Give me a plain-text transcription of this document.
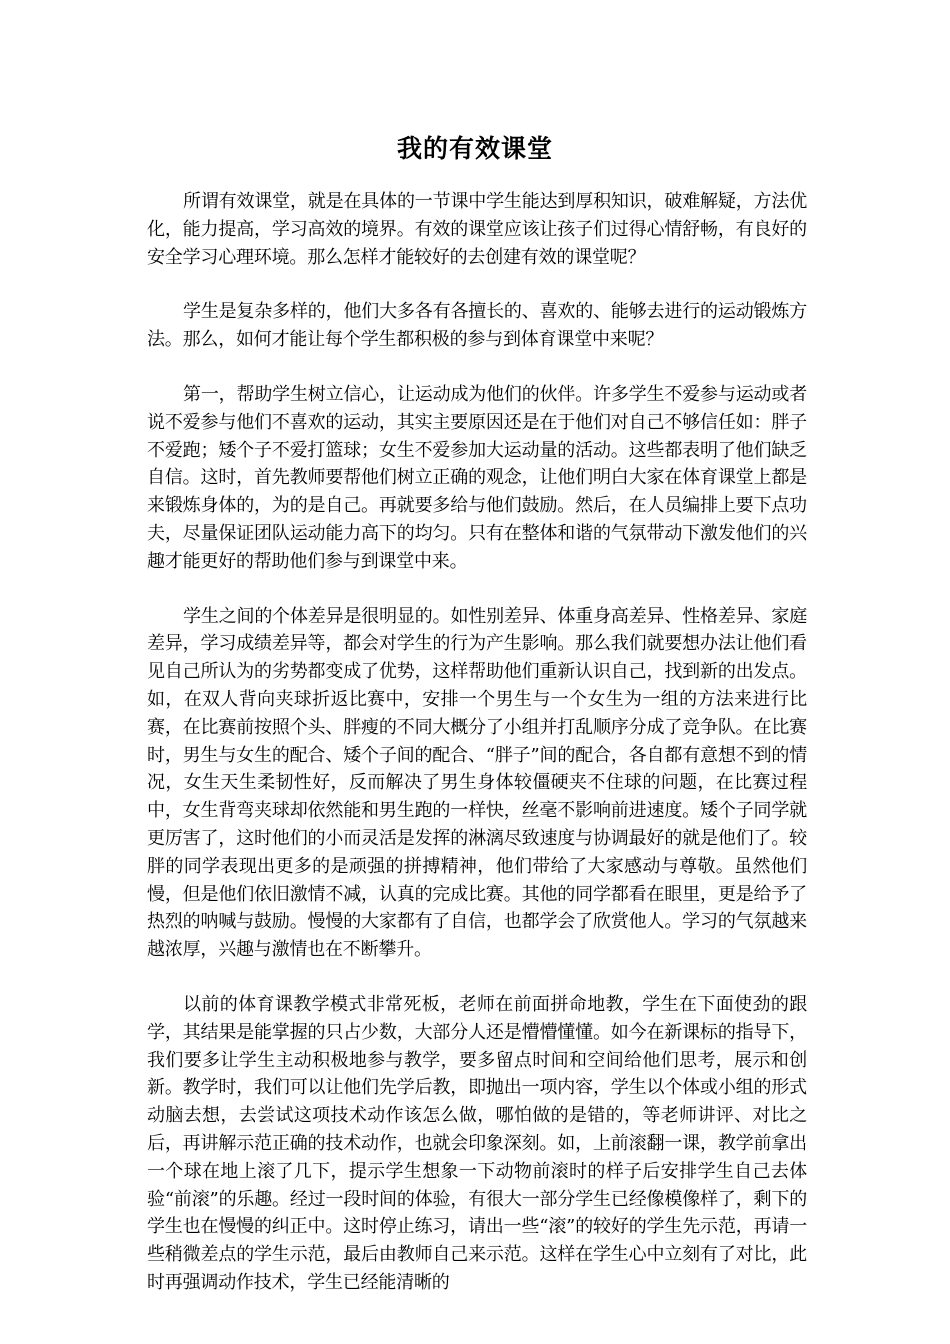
我的有效课堂

所谓有效课堂，就是在具体的一节课中学生能达到厚积知识，破难解疑，方法优化，能力提高，学习高效的境界。有效的课堂应该让孩子们过得心情舒畅，有良好的安全学习心理环境。那么怎样才能较好的去创建有效的课堂呢？

学生是复杂多样的，他们大多各有各擅长的、喜欢的、能够去进行的运动锻炼方法。那么，如何才能让每个学生都积极的参与到体育课堂中来呢？

第一，帮助学生树立信心，让运动成为他们的伙伴。许多学生不爱参与运动或者说不爱参与他们不喜欢的运动，其实主要原因还是在于他们对自己不够信任如：胖子不爱跑；矮个子不爱打篮球；女生不爱参加大运动量的活动。这些都表明了他们缺乏自信。这时，首先教师要帮他们树立正确的观念，让他们明白大家在体育课堂上都是来锻炼身体的，为的是自己。再就要多给与他们鼓励。然后，在人员编排上要下点功夫，尽量保证团队运动能力高下的均匀。只有在整体和谐的气氛带动下激发他们的兴趣才能更好的帮助他们参与到课堂中来。

学生之间的个体差异是很明显的。如性别差异、体重身高差异、性格差异、家庭差异，学习成绩差异等，都会对学生的行为产生影响。那么我们就要想办法让他们看见自己所认为的劣势都变成了优势，这样帮助他们重新认识自己，找到新的出发点。如，在双人背向夹球折返比赛中，安排一个男生与一个女生为一组的方法来进行比赛，在比赛前按照个头、胖瘦的不同大概分了小组并打乱顺序分成了竞争队。在比赛时，男生与女生的配合、矮个子间的配合、“胖子”间的配合，各自都有意想不到的情况，女生天生柔韧性好，反而解决了男生身体较僵硬夹不住球的问题，在比赛过程中，女生背弯夹球却依然能和男生跑的一样快，丝毫不影响前进速度。矮个子同学就更厉害了，这时他们的小而灵活是发挥的淋漓尽致速度与协调最好的就是他们了。较胖的同学表现出更多的是顽强的拼搏精神，他们带给了大家感动与尊敬。虽然他们慢，但是他们依旧激情不减，认真的完成比赛。其他的同学都看在眼里，更是给予了热烈的呐喊与鼓励。慢慢的大家都有了自信，也都学会了欣赏他人。学习的气氛越来越浓厚，兴趣与激情也在不断攀升。

以前的体育课教学模式非常死板，老师在前面拼命地教，学生在下面使劲的跟学，其结果是能掌握的只占少数，大部分人还是懵懵懂懂。如今在新课标的指导下，我们要多让学生主动积极地参与教学，要多留点时间和空间给他们思考，展示和创新。教学时，我们可以让他们先学后教，即抛出一项内容，学生以个体或小组的形式动脑去想，去尝试这项技术动作该怎么做，哪怕做的是错的，等老师讲评、对比之后，再讲解示范正确的技术动作，也就会印象深刻。如，上前滚翻一课，教学前拿出一个球在地上滚了几下，提示学生想象一下动物前滚时的样子后安排学生自己去体验“前滚”的乐趣。经过一段时间的体验，有很大一部分学生已经像模像样了，剩下的学生也在慢慢的纠正中。这时停止练习，请出一些“滚”的较好的学生先示范，再请一些稍微差点的学生示范，最后由教师自己来示范。这样在学生心中立刻有了对比，此时再强调动作技术，学生已经能清晰的
